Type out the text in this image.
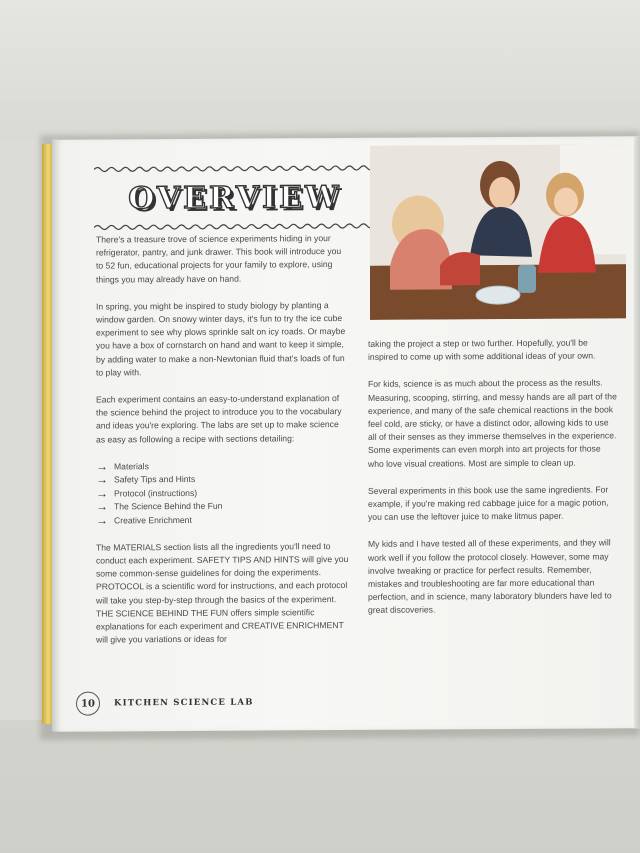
OVERVIEW

There's a treasure trove of science experiments hiding in your refrigerator, pantry, and junk drawer. This book will introduce you to 52 fun, educational projects for your family to explore, using things you may already have on hand.

In spring, you might be inspired to study biology by planting a window garden. On snowy winter days, it's fun to try the ice cube experiment to see why plows sprinkle salt on icy roads. Or maybe you have a box of cornstarch on hand and want to keep it simple, by adding water to make a non-Newtonian fluid that's loads of fun to play with.

Each experiment contains an easy-to-understand explanation of the science behind the project to introduce you to the vocabulary and ideas you're exploring. The labs are set up to make science as easy as following a recipe with sections detailing:

→ Materials
→ Safety Tips and Hints
→ Protocol (instructions)
→ The Science Behind the Fun
→ Creative Enrichment

The MATERIALS section lists all the ingredients you'll need to conduct each experiment. SAFETY TIPS AND HINTS will give you some common-sense guidelines for doing the experiments. PROTOCOL is a scientific word for instructions, and each protocol will take you step-by-step through the basics of the experiment. THE SCIENCE BEHIND THE FUN offers simple scientific explanations for each experiment and CREATIVE ENRICHMENT will give you variations or ideas for

taking the project a step or two further. Hopefully, you'll be inspired to come up with some additional ideas of your own.

For kids, science is as much about the process as the results. Measuring, scooping, stirring, and messy hands are all part of the experience, and many of the safe chemical reactions in the book feel cold, are sticky, or have a distinct odor, allowing kids to use all of their senses as they immerse themselves in the experience. Some experiments can even morph into art projects for those who love visual creations. Most are simple to clean up.

Several experiments in this book use the same ingredients. For example, if you're making red cabbage juice for a magic potion, you can use the leftover juice to make litmus paper.

My kids and I have tested all of these experiments, and they will work well if you follow the protocol closely. However, some may involve tweaking or practice for perfect results. Remember, mistakes and troubleshooting are far more educational than perfection, and in science, many laboratory blunders have led to great discoveries.

10	KITCHEN SCIENCE LAB
